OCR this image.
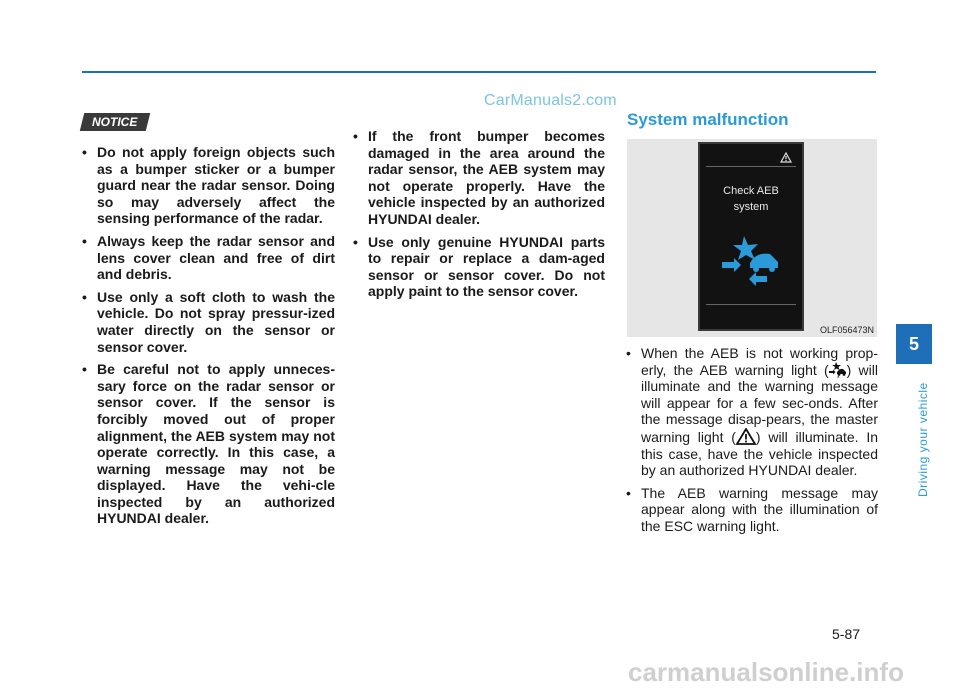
CarManuals2.com
NOTICE
• Do not apply foreign objects such as a bumper sticker or a bumper guard near the radar sensor. Doing so may adversely affect the sensing performance of the radar.
• Always keep the radar sensor and lens cover clean and free of dirt and debris.
• Use only a soft cloth to wash the vehicle. Do not spray pressur-ized water directly on the sensor or sensor cover.
• Be careful not to apply unneces-sary force on the radar sensor or sensor cover. If the sensor is forcibly moved out of proper alignment, the AEB system may not operate correctly. In this case, a warning message may not be displayed. Have the vehi-cle inspected by an authorized HYUNDAI dealer.
• If the front bumper becomes damaged in the area around the radar sensor, the AEB system may not operate properly. Have the vehicle inspected by an authorized HYUNDAI dealer.
• Use only genuine HYUNDAI parts to repair or replace a dam-aged sensor or sensor cover. Do not apply paint to the sensor cover.
System malfunction
Check AEB
system
OLF056473N
• When the AEB is not working prop-erly, the AEB warning light ( ) will illuminate and the warning message will appear for a few sec-onds. After the message disap-pears, the master warning light ( ) will illuminate. In this case, have the vehicle inspected by an authorized HYUNDAI dealer.
• The AEB warning message may appear along with the illumination of the ESC warning light.
5
Driving your vehicle
5-87
carmanualsonline.info
